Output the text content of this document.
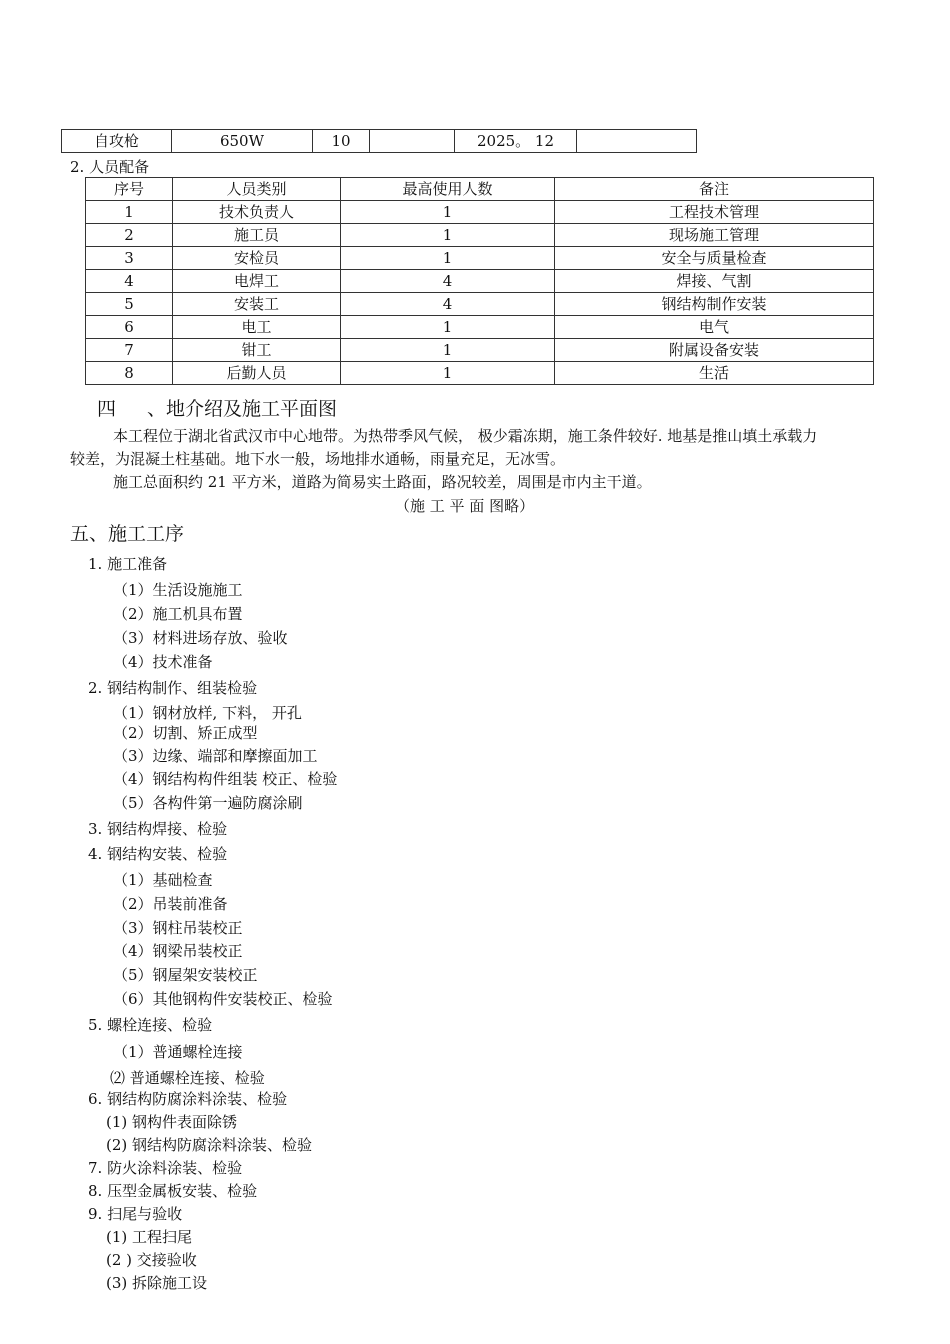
自攻枪	650W	10		2025。 12	
2. 人员配备
序号	人员类别	最高使用人数	备注
1	技术负责人	1	工程技术管理
2	施工员	1	现场施工管理
3	安检员	1	安全与质量检查
4	电焊工	4	焊接、气割
5	安装工	4	钢结构制作安装
6	电工	1	电气
7	钳工	1	附属设备安装
8	后勤人员	1	生活
四 、地介绍及施工平面图
本工程位于湖北省武汉市中心地带。为热带季风气候， 极少霜冻期，施工条件较好. 地基是推山填土承载力
较差，为混凝土柱基础。地下水一般，场地排水通畅，雨量充足，无冰雪。
施工总面积约 21 平方米，道路为简易实土路面，路况较差，周围是市内主干道。
（施 工 平 面 图略）
五、施工工序
1. 施工准备
（1）生活设施施工
（2）施工机具布置
（3）材料进场存放、验收
（4）技术准备
2. 钢结构制作、组装检验
（1）钢材放样, 下料， 开孔
（2）切割、矫正成型
（3）边缘、端部和摩擦面加工
（4）钢结构构件组装 校正、检验
（5）各构件第一遍防腐涂刷
3. 钢结构焊接、检验
4. 钢结构安装、检验
（1）基础检查
（2）吊装前准备
（3）钢柱吊装校正
（4）钢梁吊装校正
（5）钢屋架安装校正
（6）其他钢构件安装校正、检验
5. 螺栓连接、检验
（1）普通螺栓连接
⑵ 普通螺栓连接、检验
6. 钢结构防腐涂料涂装、检验
(1) 钢构件表面除锈
(2) 钢结构防腐涂料涂装、检验
7. 防火涂料涂装、检验
8. 压型金属板安装、检验
9. 扫尾与验收
(1) 工程扫尾
(2 ) 交接验收
(3) 拆除施工设
